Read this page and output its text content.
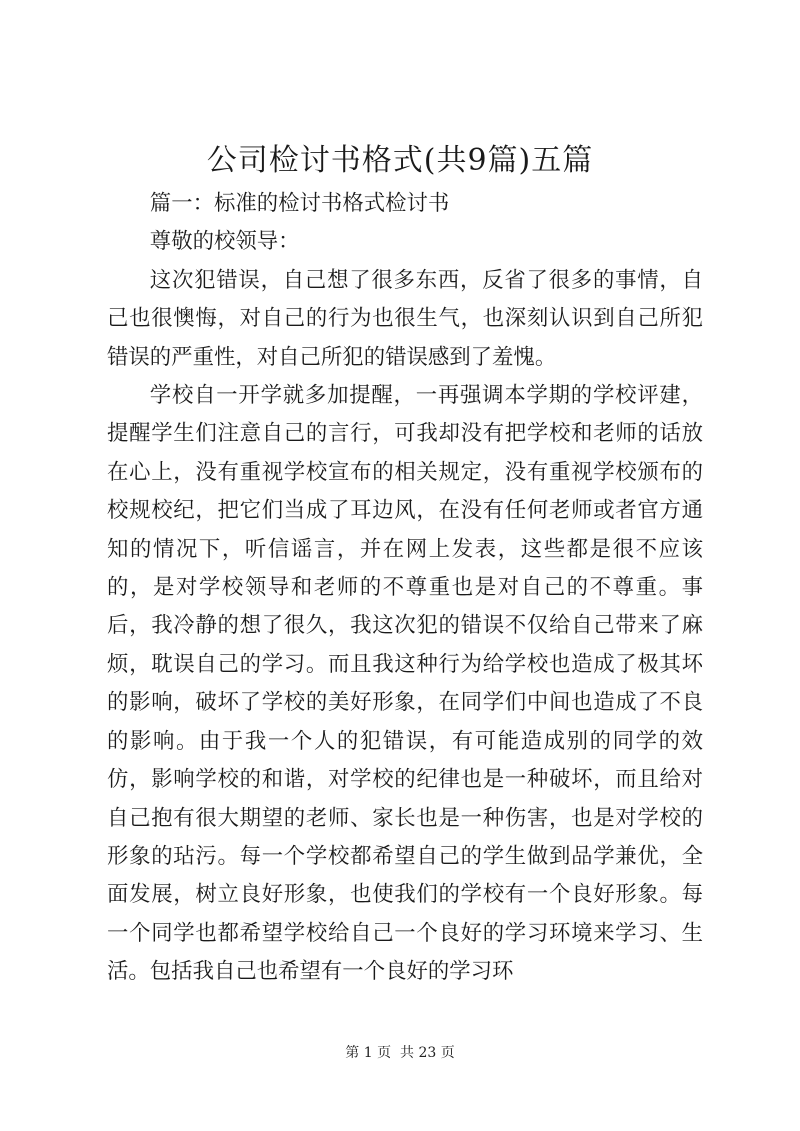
公司检讨书格式(共9篇)五篇

篇一：标准的检讨书格式检讨书

尊敬的校领导：

这次犯错误，自己想了很多东西，反省了很多的事情，自己也很懊悔，对自己的行为也很生气，也深刻认识到自己所犯错误的严重性，对自己所犯的错误感到了羞愧。

学校自一开学就多加提醒，一再强调本学期的学校评建，提醒学生们注意自己的言行，可我却没有把学校和老师的话放在心上，没有重视学校宣布的相关规定，没有重视学校颁布的校规校纪，把它们当成了耳边风，在没有任何老师或者官方通知的情况下，听信谣言，并在网上发表，这些都是很不应该的，是对学校领导和老师的不尊重也是对自己的不尊重。事后，我冷静的想了很久，我这次犯的错误不仅给自己带来了麻烦，耽误自己的学习。而且我这种行为给学校也造成了极其坏的影响，破坏了学校的美好形象，在同学们中间也造成了不良的影响。由于我一个人的犯错误，有可能造成别的同学的效仿，影响学校的和谐，对学校的纪律也是一种破坏，而且给对自己抱有很大期望的老师、家长也是一种伤害，也是对学校的形象的玷污。每一个学校都希望自己的学生做到品学兼优，全面发展，树立良好形象，也使我们的学校有一个良好形象。每一个同学也都希望学校给自己一个良好的学习环境来学习、生活。包括我自己也希望有一个良好的学习环

第 1 页  共 23 页
